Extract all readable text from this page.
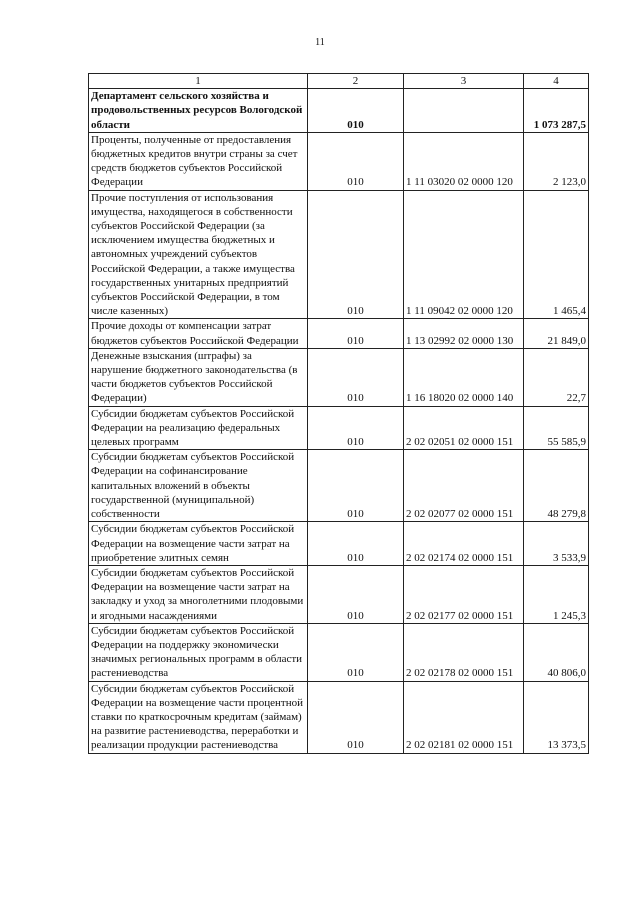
11
1	2	3	4
Департамент сельского хозяйства и продовольственных ресурсов Вологодской области	010		1 073 287,5
Проценты, полученные от предоставления бюджетных кредитов внутри страны за счет средств бюджетов субъектов Российской Федерации	010	1 11 03020 02 0000 120	2 123,0
Прочие поступления от использования имущества, находящегося в собственности субъектов Российской Федерации (за исключением имущества бюджетных и автономных учреждений субъектов Российской Федерации, а также имущества государственных унитарных предприятий субъектов Российской Федерации, в том числе казенных)	010	1 11 09042 02 0000 120	1 465,4
Прочие доходы от компенсации затрат бюджетов субъектов Российской Федерации	010	1 13 02992 02 0000 130	21 849,0
Денежные взыскания (штрафы) за нарушение бюджетного законодательства (в части бюджетов субъектов Российской Федерации)	010	1 16 18020 02 0000 140	22,7
Субсидии бюджетам субъектов Российской Федерации на реализацию федеральных целевых программ	010	2 02 02051 02 0000 151	55 585,9
Субсидии бюджетам субъектов Российской Федерации на софинансирование капитальных вложений в объекты государственной (муниципальной) собственности	010	2 02 02077 02 0000 151	48 279,8
Субсидии бюджетам субъектов Российской Федерации на возмещение части затрат на приобретение элитных семян	010	2 02 02174 02 0000 151	3 533,9
Субсидии бюджетам субъектов Российской Федерации на возмещение части затрат на закладку и уход за многолетними плодовыми и ягодными насаждениями	010	2 02 02177 02 0000 151	1 245,3
Субсидии бюджетам субъектов Российской Федерации на поддержку экономически значимых региональных программ в области растениеводства	010	2 02 02178 02 0000 151	40 806,0
Субсидии бюджетам субъектов Российской Федерации на возмещение части процентной ставки по краткосрочным кредитам (займам) на развитие растениеводства, переработки и реализации продукции растениеводства	010	2 02 02181 02 0000 151	13 373,5
